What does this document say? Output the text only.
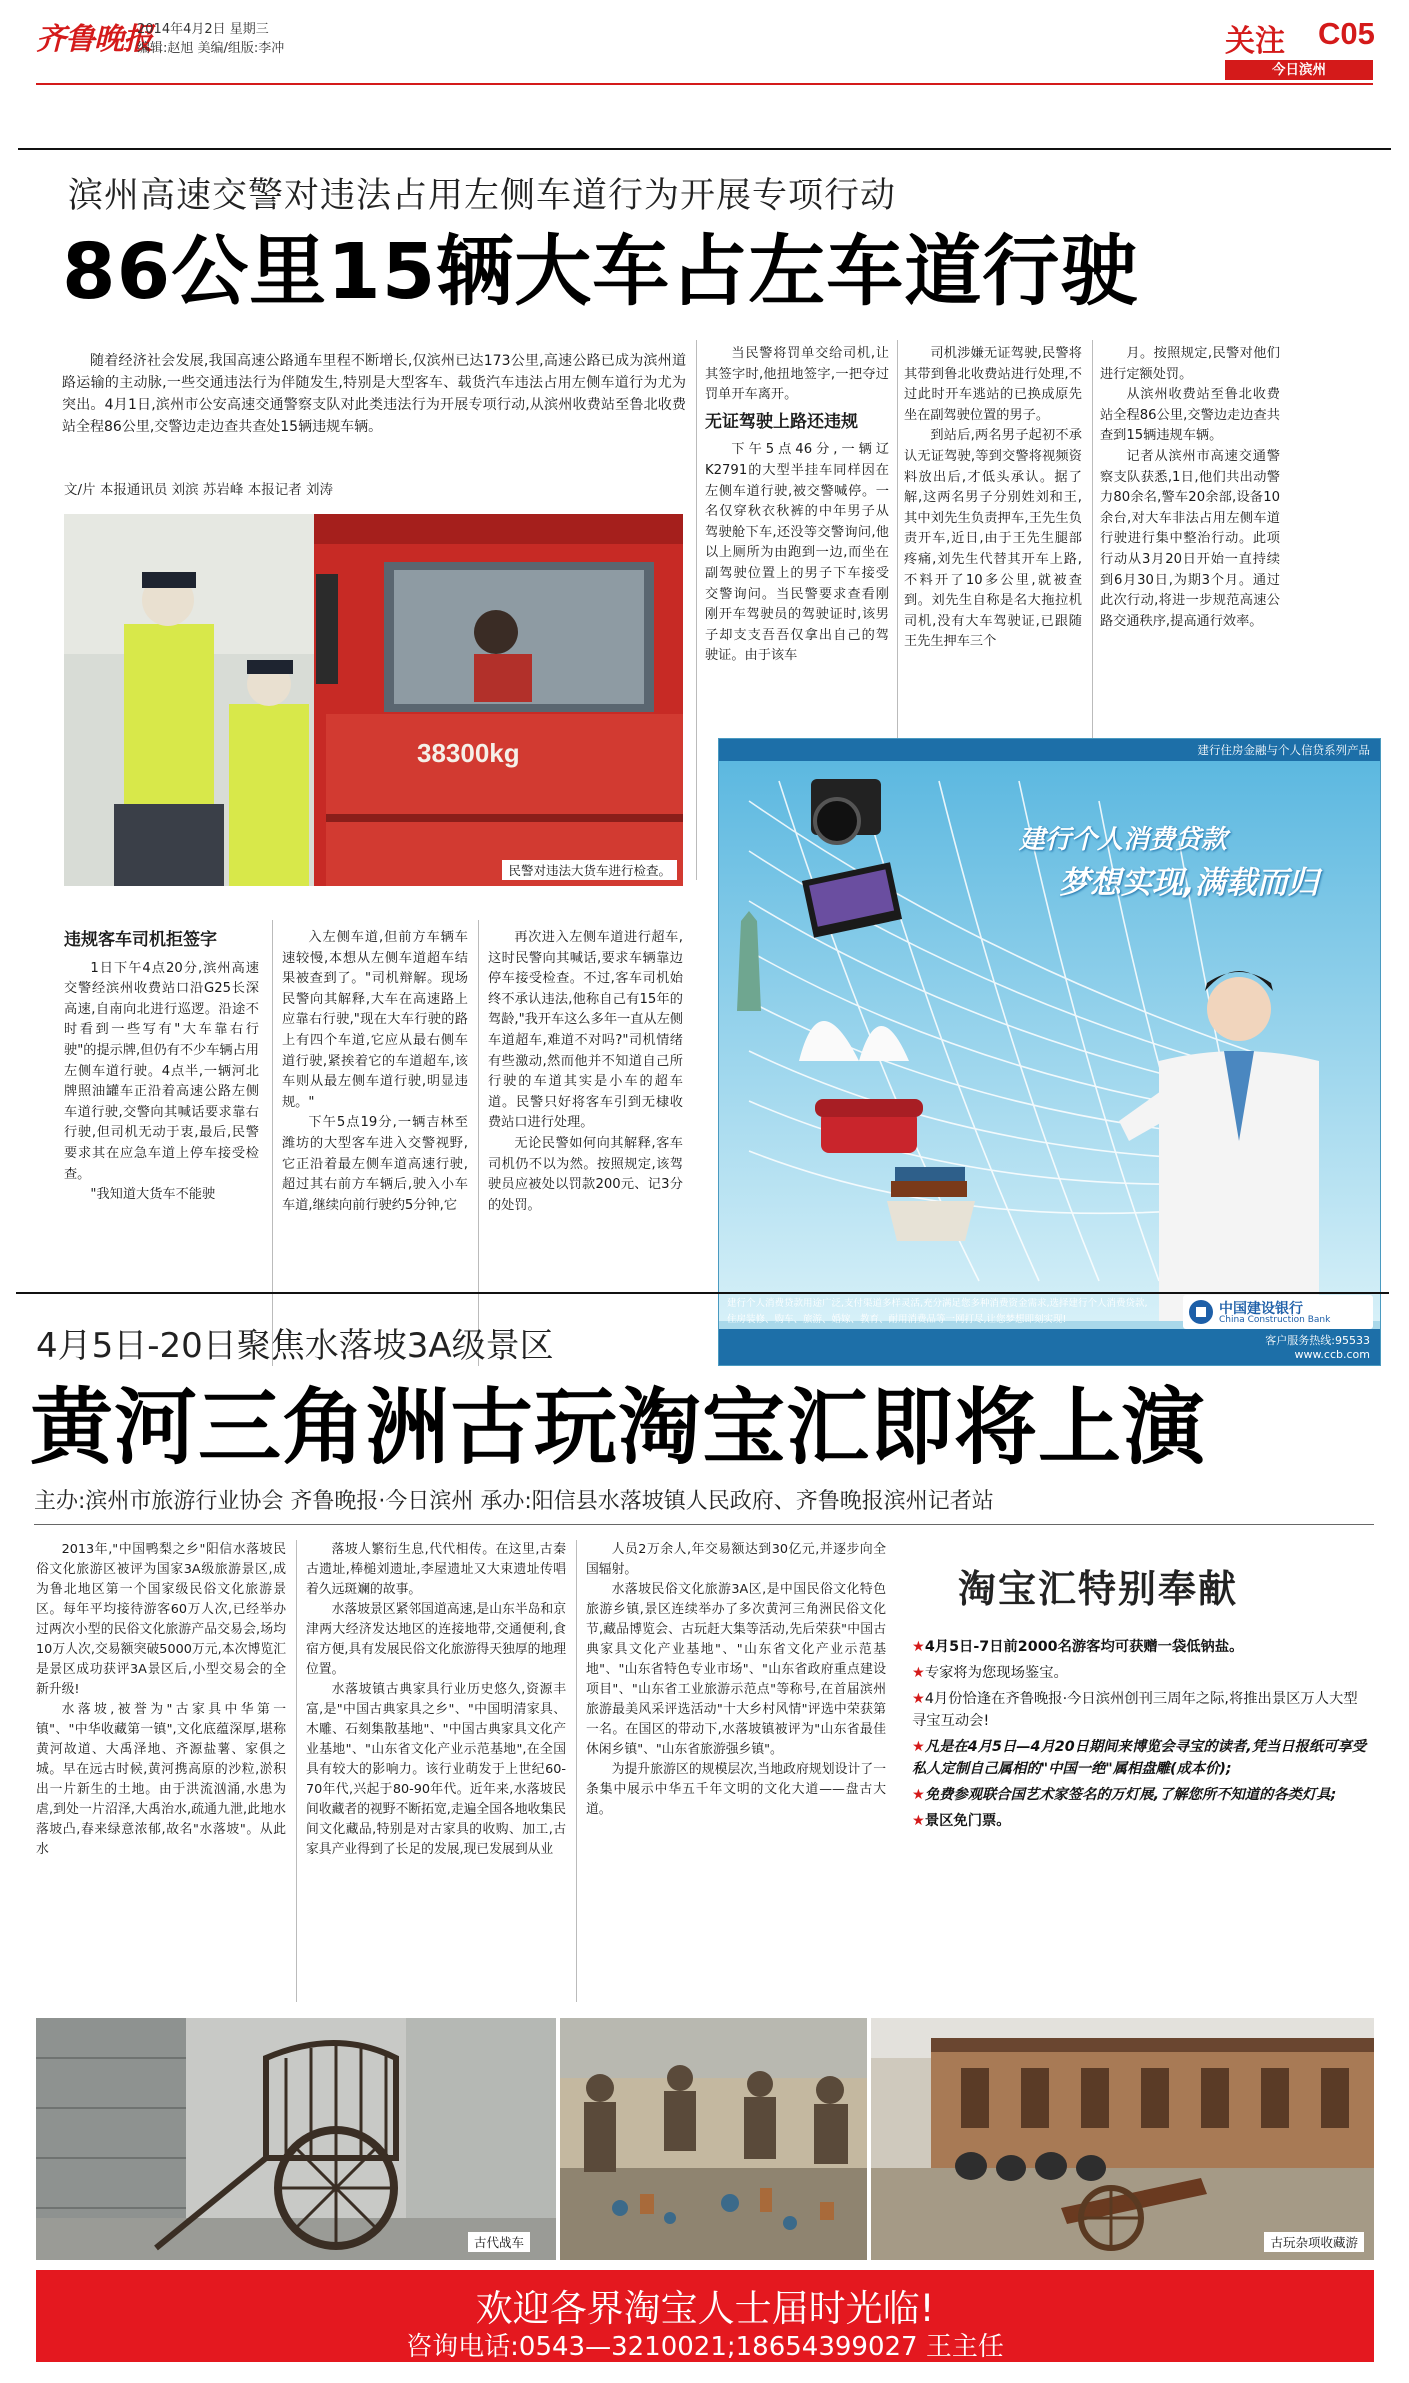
齐鲁晚报
2014年4月2日 星期三
编辑:赵旭 美编/组版:李冲	关注 C05
今日滨州
滨州高速交警对违法占用左侧车道行为开展专项行动
86公里15辆大车占左车道行驶

随着经济社会发展,我国高速公路通车里程不断增长,仅滨州已达173公里,高速公路已成为滨州道路运输的主动脉,一些交通违法行为伴随发生,特别是大型客车、载货汽车违法占用左侧车道行为尤为突出。4月1日,滨州市公安高速交通警察支队对此类违法行为开展专项行动,从滨州收费站至鲁北收费站全程86公里,交警边走边查共查处15辆违规车辆。

文/片 本报通讯员 刘滨 苏岩峰 本报记者 刘涛
38300kg
民警对违法大货车进行检查。

当民警将罚单交给司机,让其签字时,他扭地签字,一把夺过罚单开车离开。

无证驾驶上路还违规

下午5点46分,一辆辽K2791的大型半挂车同样因在左侧车道行驶,被交警喊停。一名仅穿秋衣秋裤的中年男子从驾驶舱下车,还没等交警询问,他以上厕所为由跑到一边,而坐在副驾驶位置上的男子下车接受交警询问。当民警要求查看刚刚开车驾驶员的驾驶证时,该男子却支支吾吾仅拿出自己的驾驶证。由于该车

司机涉嫌无证驾驶,民警将其带到鲁北收费站进行处理,不过此时开车逃站的已换成原先坐在副驾驶位置的男子。

到站后,两名男子起初不承认无证驾驶,等到交警将视频资料放出后,才低头承认。据了解,这两名男子分别姓刘和王,其中刘先生负责押车,王先生负责开车,近日,由于王先生腿部疼痛,刘先生代替其开车上路,不料开了10多公里,就被查到。刘先生自称是名大拖拉机司机,没有大车驾驶证,已跟随王先生押车三个

月。按照规定,民警对他们进行定额处罚。

从滨州收费站至鲁北收费站全程86公里,交警边走边查共查到15辆违规车辆。

记者从滨州市高速交通警察支队获悉,1日,他们共出动警力80余名,警车20余部,设备10余台,对大车非法占用左侧车道行驶进行集中整治行动。此项行动从3月20日开始一直持续到6月30日,为期3个月。通过此次行动,将进一步规范高速公路交通秩序,提高通行效率。

违规客车司机拒签字

1日下午4点20分,滨州高速交警经滨州收费站口沿G25长深高速,自南向北进行巡逻。沿途不时看到一些写有"大车靠右行驶"的提示牌,但仍有不少车辆占用左侧车道行驶。4点半,一辆河北牌照油罐车正沿着高速公路左侧车道行驶,交警向其喊话要求靠右行驶,但司机无动于衷,最后,民警要求其在应急车道上停车接受检查。

"我知道大货车不能驶

入左侧车道,但前方车辆车速较慢,本想从左侧车道超车结果被查到了。"司机辩解。现场民警向其解释,大车在高速路上应靠右行驶,"现在大车行驶的路上有四个车道,它应从最右侧车道行驶,紧挨着它的车道超车,该车则从最左侧车道行驶,明显违规。"

下午5点19分,一辆吉林至潍坊的大型客车进入交警视野,它正沿着最左侧车道高速行驶,超过其右前方车辆后,驶入小车车道,继续向前行驶约5分钟,它

再次进入左侧车道进行超车,这时民警向其喊话,要求车辆靠边停车接受检查。不过,客车司机始终不承认违法,他称自己有15年的驾龄,"我开车这么多年一直从左侧车道超车,难道不对吗?"司机情绪有些激动,然而他并不知道自己所行驶的车道其实是小车的超车道。民警只好将客车引到无棣收费站口进行处理。

无论民警如何向其解释,客车司机仍不以为然。按照规定,该驾驶员应被处以罚款200元、记3分的处罚。

建行住房金融与个人信贷系列产品
建行个人消费贷款
梦想实现,满载而归
中国建设银行
China Construction Bank
建行个人消费贷款用途广泛,支付渠道多样灵活,充分满足您多种消费资金需求,选择建行个人消费贷款,
住房装修、购车、旅游、婚嫁、教育、耐用消费品等一网打尽,让您梦想即刻实现!
客户服务热线:95533
www.ccb.com
4月5日-20日聚焦水落坡3A级景区
黄河三角洲古玩淘宝汇即将上演
主办:滨州市旅游行业协会 齐鲁晚报·今日滨州 承办:阳信县水落坡镇人民政府、齐鲁晚报滨州记者站

2013年,"中国鸭梨之乡"阳信水落坡民俗文化旅游区被评为国家3A级旅游景区,成为鲁北地区第一个国家级民俗文化旅游景区。每年平均接待游客60万人次,已经举办过两次小型的民俗文化旅游产品交易会,场均10万人次,交易额突破5000万元,本次博览汇是景区成功获评3A景区后,小型交易会的全新升级!

水落坡,被誉为"古家具中华第一镇"、"中华收藏第一镇",文化底蕴深厚,堪称黄河故道、大禹泽地、齐源盐薯、家俱之城。早在远古时候,黄河携高原的沙粒,淤积出一片新生的土地。由于洪流汹涌,水患为虐,到处一片沼泽,大禹治水,疏通九泄,此地水落坡凸,春来绿意浓郁,故名"水落坡"。从此水

落坡人繁衍生息,代代相传。在这里,古秦古遗址,棒槌刘遗址,李屋遗址又大束遗址传唱着久远斑斓的故事。

水落坡景区紧邻国道高速,是山东半岛和京津两大经济发达地区的连接地带,交通便利,食宿方便,具有发展民俗文化旅游得天独厚的地理位置。

水落坡镇古典家具行业历史悠久,资源丰富,是"中国古典家具之乡"、"中国明清家具、木雕、石刻集散基地"、"中国古典家具文化产业基地"、"山东省文化产业示范基地",在全国具有较大的影响力。该行业萌发于上世纪60-70年代,兴起于80-90年代。近年来,水落坡民间收藏者的视野不断拓宽,走遍全国各地收集民间文化藏品,特别是对古家具的收购、加工,古家具产业得到了长足的发展,现已发展到从业

人员2万余人,年交易额达到30亿元,并逐步向全国辐射。

水落坡民俗文化旅游3A区,是中国民俗文化特色旅游乡镇,景区连续举办了多次黄河三角洲民俗文化节,藏品博览会、古玩赶大集等活动,先后荣获"中国古典家具文化产业基地"、"山东省文化产业示范基地"、"山东省特色专业市场"、"山东省政府重点建设项目"、"山东省工业旅游示范点"等称号,在首届滨州旅游最美风采评选活动"十大乡村风情"评选中荣获第一名。在国区的带动下,水落坡镇被评为"山东省最佳休闲乡镇"、"山东省旅游强乡镇"。

为提升旅游区的规模层次,当地政府规划设计了一条集中展示中华五千年文明的文化大道——盘古大道。

淘宝汇特别奉献
★4月5日-7日前2000名游客均可获赠一袋低钠盐。
★专家将为您现场鉴宝。
★4月份恰逢在齐鲁晚报·今日滨州创刊三周年之际,将推出景区万人大型寻宝互动会!
★凡是在4月5日—4月20日期间来博览会寻宝的读者,凭当日报纸可享受私人定制自己属相的"中国一绝"属相盘雕(成本价);
★免费参观联合国艺术家签名的万灯展,了解您所不知道的各类灯具;
★景区免门票。
古代战车	古玩杂项收藏游
欢迎各界淘宝人士届时光临!
咨询电话:0543—3210021;18654399027 王主任
